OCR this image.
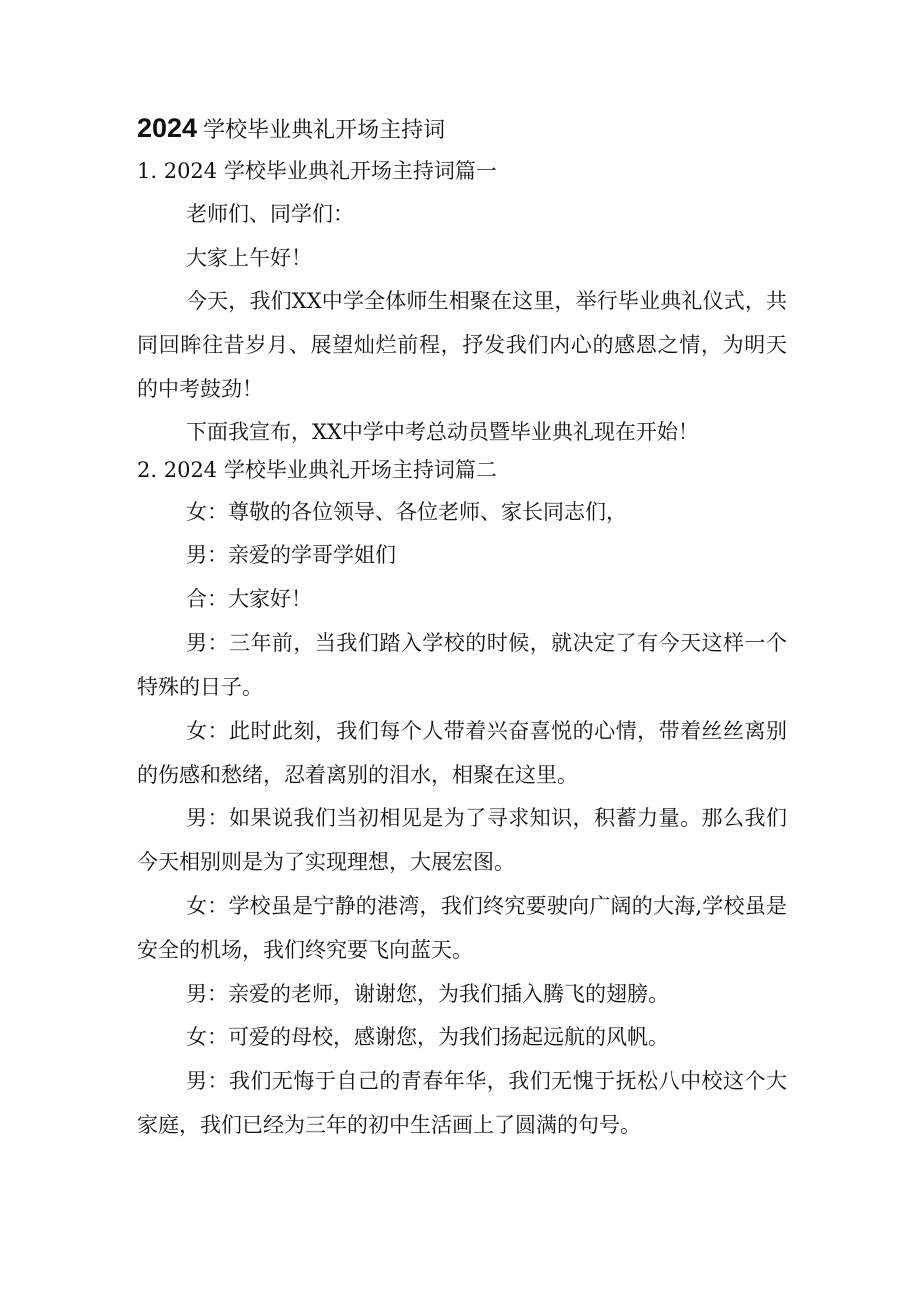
2024 学校毕业典礼开场主持词
1. 2024 学校毕业典礼开场主持词篇一

老师们、同学们：

大家上午好！

今天，我们XX中学全体师生相聚在这里，举行毕业典礼仪式，共同回眸往昔岁月、展望灿烂前程，抒发我们内心的感恩之情，为明天的中考鼓劲！

下面我宣布，XX中学中考总动员暨毕业典礼现在开始！

2. 2024 学校毕业典礼开场主持词篇二

女：尊敬的各位领导、各位老师、家长同志们，

男：亲爱的学哥学姐们

合：大家好！

男：三年前，当我们踏入学校的时候，就决定了有今天这样一个特殊的日子。

女：此时此刻，我们每个人带着兴奋喜悦的心情，带着丝丝离别的伤感和愁绪，忍着离别的泪水，相聚在这里。

男：如果说我们当初相见是为了寻求知识，积蓄力量。那么我们今天相别则是为了实现理想，大展宏图。

女：学校虽是宁静的港湾，我们终究要驶向广阔的大海,学校虽是安全的机场，我们终究要飞向蓝天。

男：亲爱的老师，谢谢您，为我们插入腾飞的翅膀。

女：可爱的母校，感谢您，为我们扬起远航的风帆。

男：我们无悔于自己的青春年华，我们无愧于抚松八中校这个大家庭，我们已经为三年的初中生活画上了圆满的句号。
